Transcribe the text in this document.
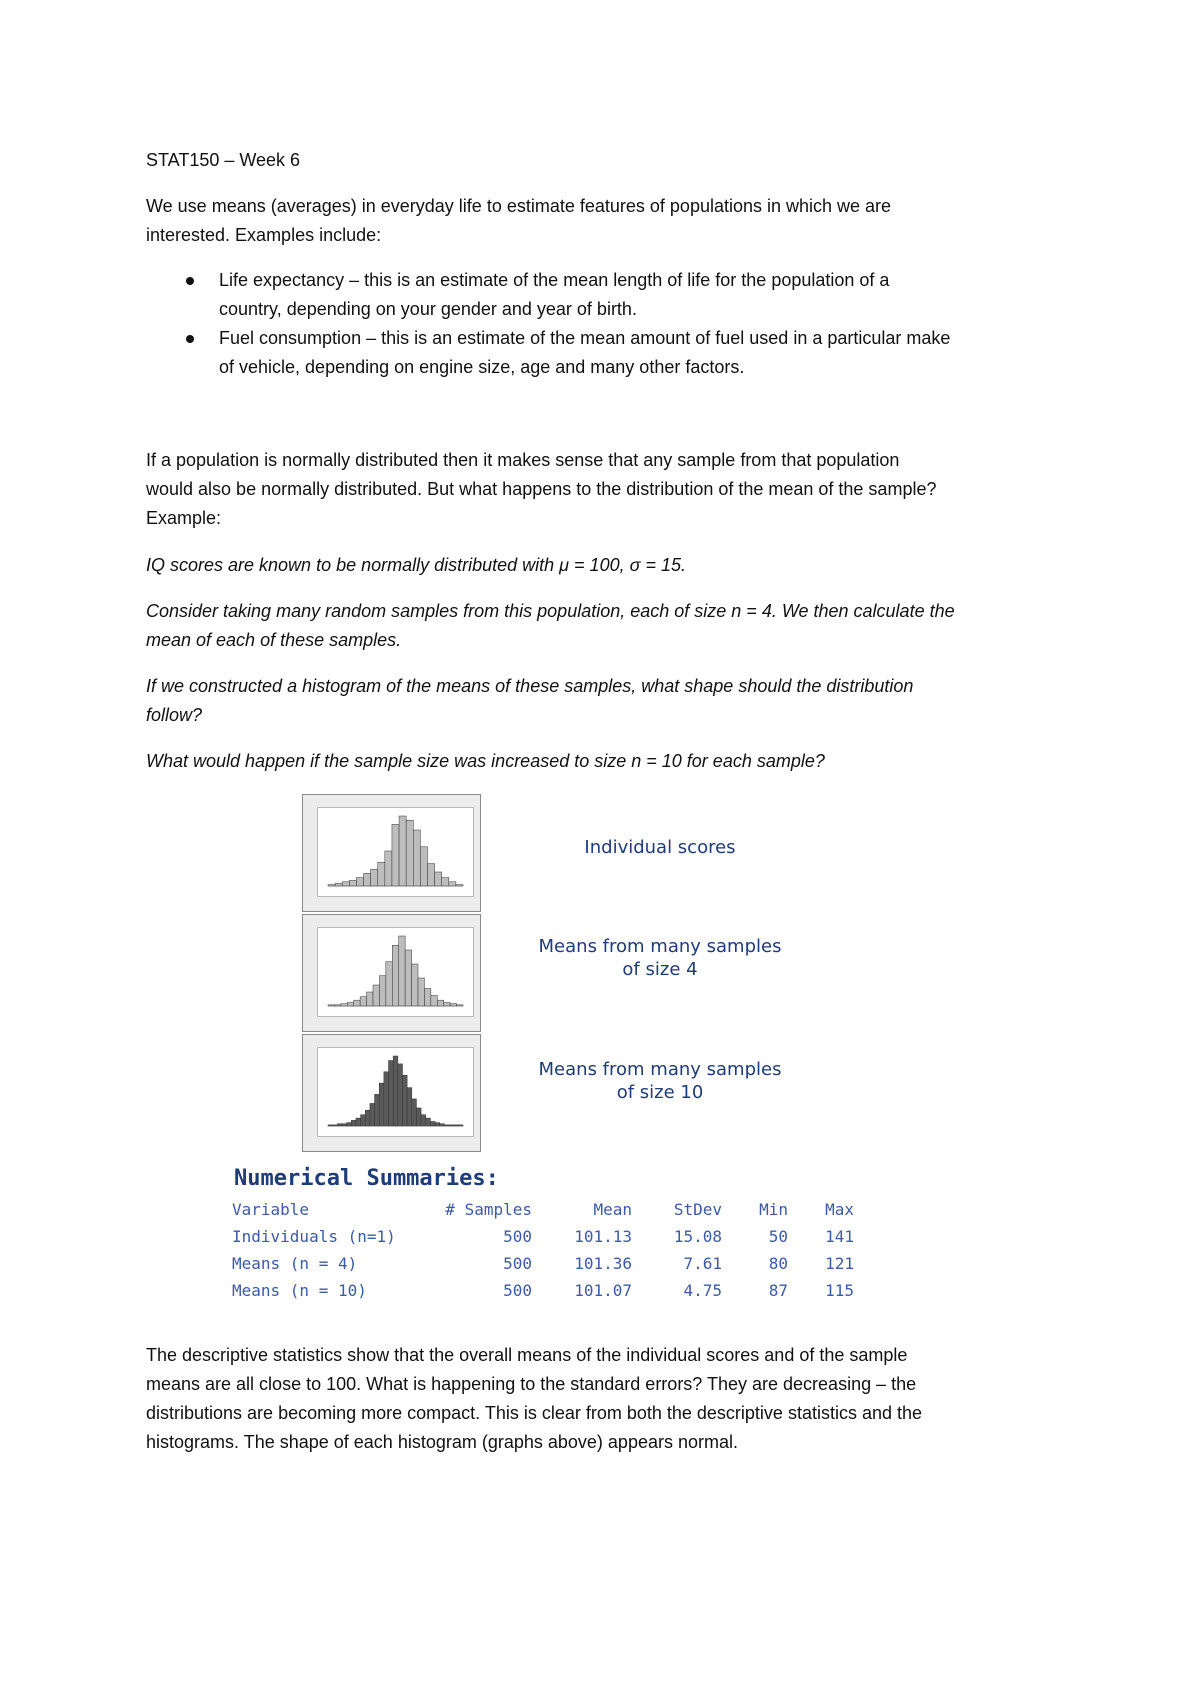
STAT150 – Week 6
We use means (averages) in everyday life to estimate features of populations in which we are
interested. Examples include:
Life expectancy – this is an estimate of the mean length of life for the population of a
country, depending on your gender and year of birth.
Fuel consumption – this is an estimate of the mean amount of fuel used in a particular make
of vehicle, depending on engine size, age and many other factors.
If a population is normally distributed then it makes sense that any sample from that population
would also be normally distributed. But what happens to the distribution of the mean of the sample?
Example:
IQ scores are known to be normally distributed with μ = 100, σ = 15.
Consider taking many random samples from this population, each of size n = 4. We then calculate the
mean of each of these samples.
If we constructed a histogram of the means of these samples, what shape should the distribution
follow?
What would happen if the sample size was increased to size n = 10 for each sample?
Individual scores
Means from many samples
of size 4
Means from many samples
of size 10
Numerical Summaries:
Variable	# Samples	Mean	StDev	Min	Max
Individuals (n=1)	500	101.13	15.08	50	141
Means (n = 4)	500	101.36	7.61	80	121
Means (n = 10)	500	101.07	4.75	87	115
The descriptive statistics show that the overall means of the individual scores and of the sample
means are all close to 100. What is happening to the standard errors? They are decreasing – the
distributions are becoming more compact. This is clear from both the descriptive statistics and the
histograms. The shape of each histogram (graphs above) appears normal.
